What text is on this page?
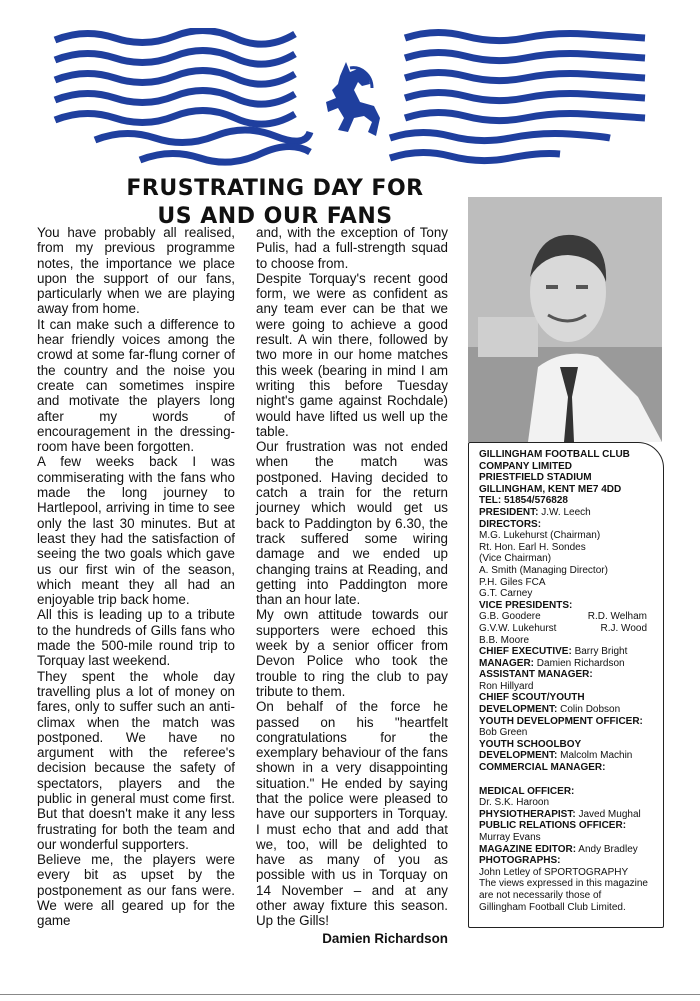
FRUSTRATING DAY FOR
US AND OUR FANS

You have probably all realised, from my previous programme notes, the importance we place upon the support of our fans, particularly when we are playing away from home.

It can make such a difference to hear friendly voices among the crowd at some far-flung corner of the country and the noise you create can sometimes inspire and motivate the players long after my words of encouragement in the dressing-room have been forgotten.

A few weeks back I was commiserating with the fans who made the long journey to Hartlepool, arriving in time to see only the last 30 minutes. But at least they had the satisfaction of seeing the two goals which gave us our first win of the season, which meant they all had an enjoyable trip back home.

All this is leading up to a tribute to the hundreds of Gills fans who made the 500-mile round trip to Torquay last weekend.

They spent the whole day travelling plus a lot of money on fares, only to suffer such an anti-climax when the match was postponed. We have no argument with the referee's decision because the safety of spectators, players and the public in general must come first. But that doesn't make it any less frustrating for both the team and our wonderful supporters.

Believe me, the players were every bit as upset by the postponement as our fans were. We were all geared up for the game

and, with the exception of Tony Pulis, had a full-strength squad to choose from.

Despite Torquay's recent good form, we were as confident as any team ever can be that we were going to achieve a good result. A win there, followed by two more in our home matches this week (bearing in mind I am writing this before Tuesday night's game against Rochdale) would have lifted us well up the table.

Our frustration was not ended when the match was postponed. Having decided to catch a train for the return journey which would get us back to Paddington by 6.30, the track suffered some wiring damage and we ended up changing trains at Reading, and getting into Paddington more than an hour late.

My own attitude towards our supporters were echoed this week by a senior officer from Devon Police who took the trouble to ring the club to pay tribute to them.

On behalf of the force he passed on his "heartfelt congratulations for the exemplary behaviour of the fans shown in a very disappointing situation." He ended by saying that the police were pleased to have our supporters in Torquay. I must echo that and add that we, too, will be delighted to have as many of you as possible with us in Torquay on 14 November – and at any other away fixture this season. Up the Gills!

Damien Richardson

GILLINGHAM FOOTBALL CLUB
COMPANY LIMITED
PRIESTFIELD STADIUM
GILLINGHAM, KENT ME7 4DD
TEL: 51854/576828
PRESIDENT: J.W. Leech
DIRECTORS:
M.G. Lukehurst (Chairman)
Rt. Hon. Earl H. Sondes
(Vice Chairman)
A. Smith (Managing Director)
P.H. Giles FCA
G.T. Carney
VICE PRESIDENTS:
G.B. Goodere	R.D. Welham
G.V.W. Lukehurst	R.J. Wood
B.B. Moore
CHIEF EXECUTIVE: Barry Bright
MANAGER: Damien Richardson
ASSISTANT MANAGER:
Ron Hillyard
CHIEF SCOUT/YOUTH
DEVELOPMENT: Colin Dobson
YOUTH DEVELOPMENT OFFICER:
Bob Green
YOUTH SCHOOLBOY
DEVELOPMENT: Malcolm Machin
COMMERCIAL MANAGER:
MEDICAL OFFICER:
Dr. S.K. Haroon
PHYSIOTHERAPIST: Javed Mughal
PUBLIC RELATIONS OFFICER:
Murray Evans
MAGAZINE EDITOR: Andy Bradley
PHOTOGRAPHS:
John Letley of SPORTOGRAPHY
The views expressed in this magazine
are not necessarily those of
Gillingham Football Club Limited.
